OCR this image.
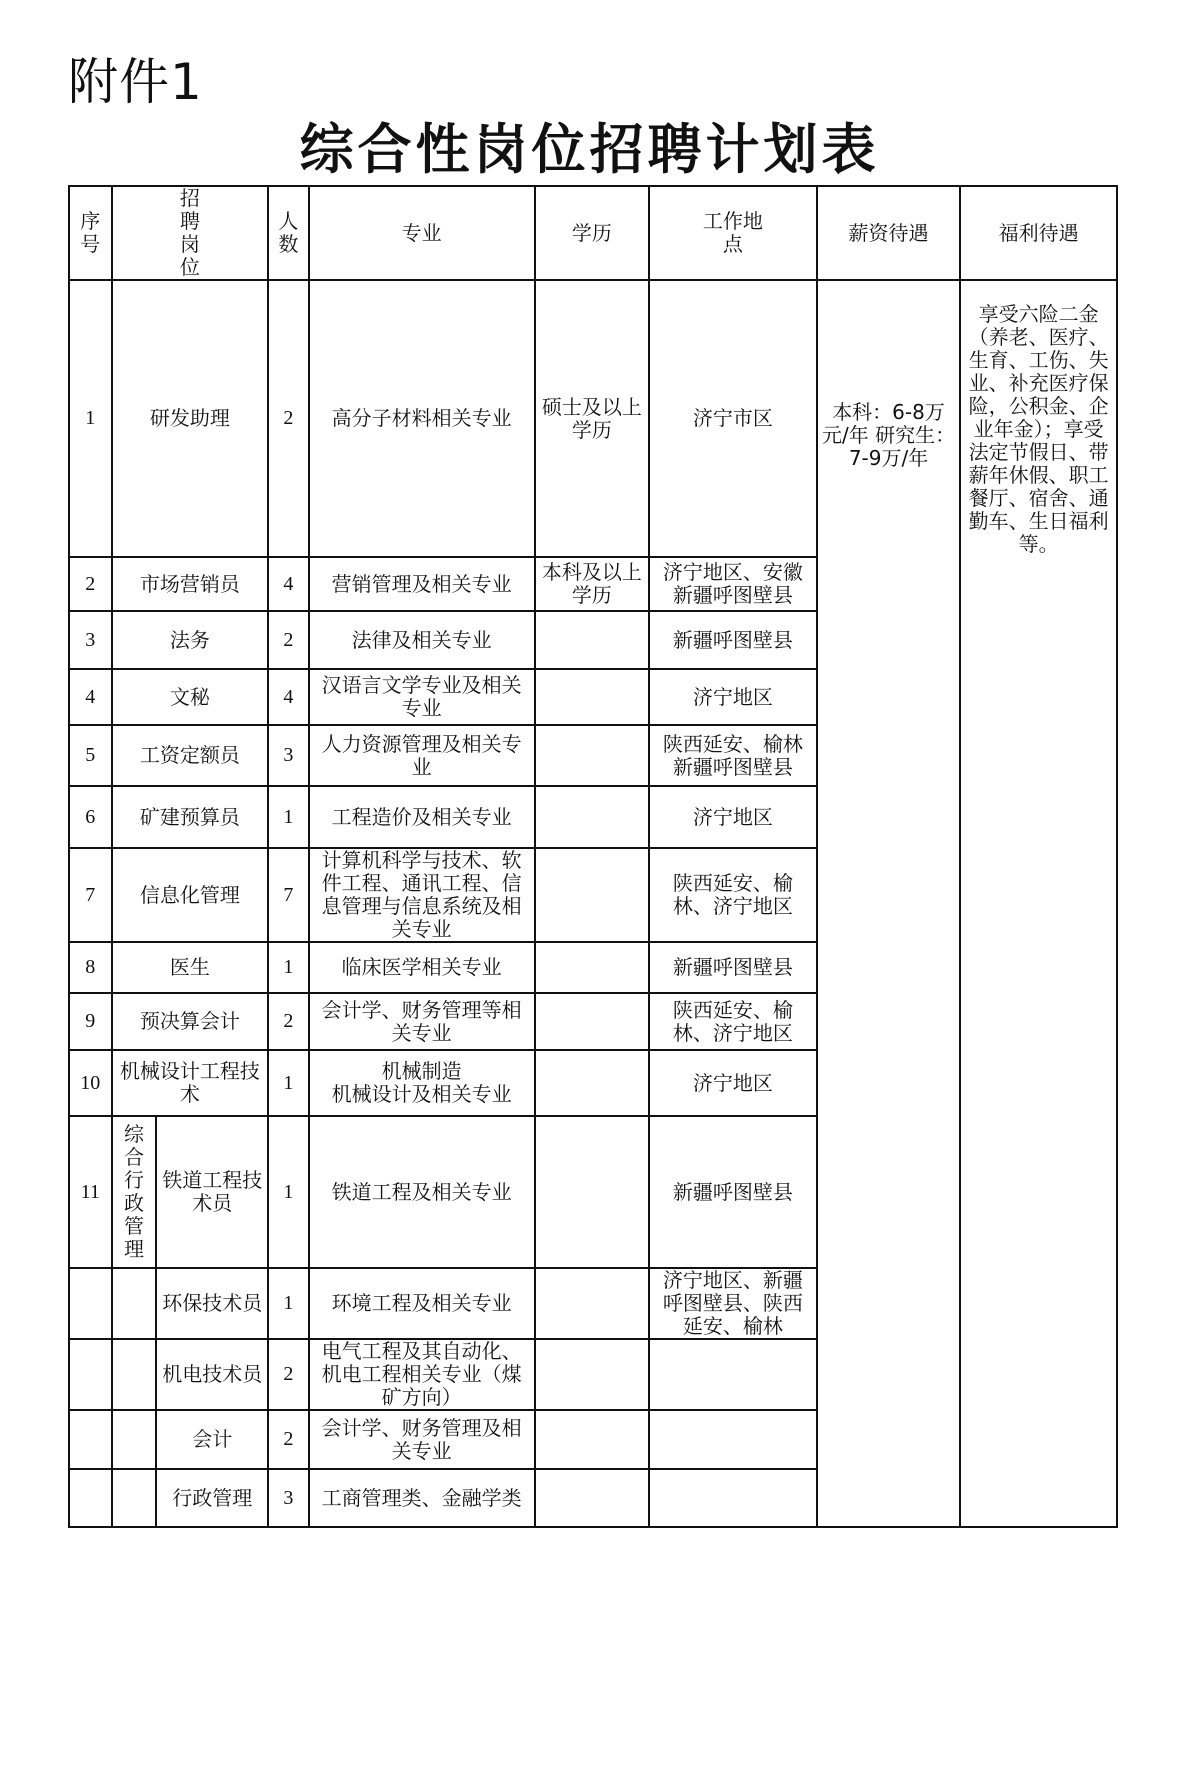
附件1
综合性岗位招聘计划表
序号	招聘岗位		人数	专业	学历	工作地点	薪资待遇	福利待遇
1	研发助理		2	高分子材料相关专业	硕士及以上学历	济宁市区	本科：6-8万元/年 研究生：7-9万/年	享受六险二金（养老、医疗、生育、工伤、失业、补充医疗保险，公积金、企业年金）；享受法定节假日、带薪年休假、职工餐厅、宿舍、通勤车、生日福利等。
2	市场营销员		4	营销管理及相关专业	本科及以上学历	济宁地区、安徽新疆呼图壁县		
3	法务		2	法律及相关专业		新疆呼图壁县		
4	文秘		4	汉语言文学专业及相关专业		济宁地区		
5	工资定额员		3	人力资源管理及相关专业		陕西延安、榆林新疆呼图壁县		
6	矿建预算员		1	工程造价及相关专业		济宁地区		
7	信息化管理		7	计算机科学与技术、软件工程、通讯工程、信息管理与信息系统及相关专业		陕西延安、榆林、济宁地区		
8	医生		1	临床医学相关专业		新疆呼图壁县		
9	预决算会计		2	会计学、财务管理等相关专业		陕西延安、榆林、济宁地区		
10	机械设计工程技术		1	机械制造
机械设计及相关专业		济宁地区		
11	综合行政管理	铁道工程技术员	1	铁道工程及相关专业		新疆呼图壁县		
		环保技术员	1	环境工程及相关专业		济宁地区、新疆呼图壁县、陕西延安、榆林		
		机电技术员	2	电气工程及其自动化、机电工程相关专业（煤矿方向）				
		会计	2	会计学、财务管理及相关专业				
		行政管理	3	工商管理类、金融学类				
